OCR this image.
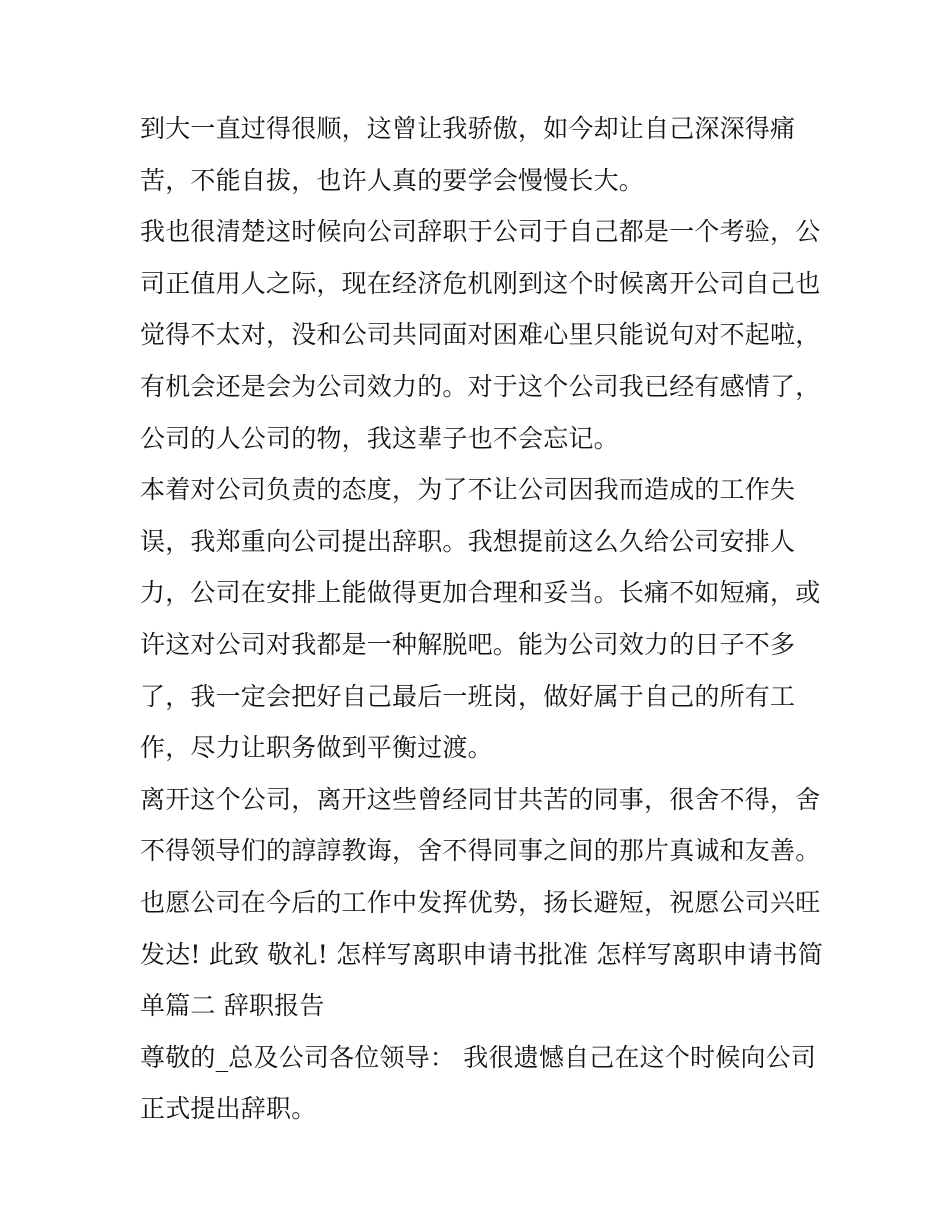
到大一直过得很顺，这曾让我骄傲，如今却让自己深深得痛
苦，不能自拔，也许人真的要学会慢慢长大。
我也很清楚这时候向公司辞职于公司于自己都是一个考验，公
司正值用人之际，现在经济危机刚到这个时候离开公司自己也
觉得不太对，没和公司共同面对困难心里只能说句对不起啦，
有机会还是会为公司效力的。对于这个公司我已经有感情了，
公司的人公司的物，我这辈子也不会忘记。
本着对公司负责的态度，为了不让公司因我而造成的工作失
误，我郑重向公司提出辞职。我想提前这么久给公司安排人
力，公司在安排上能做得更加合理和妥当。长痛不如短痛，或
许这对公司对我都是一种解脱吧。能为公司效力的日子不多
了，我一定会把好自己最后一班岗，做好属于自己的所有工
作，尽力让职务做到平衡过渡。
离开这个公司，离开这些曾经同甘共苦的同事，很舍不得，舍
不得领导们的諄諄教诲，舍不得同事之间的那片真诚和友善。
也愿公司在今后的工作中发挥优势，扬长避短，祝愿公司兴旺
发达! 此致 敬礼! 怎样写离职申请书批准 怎样写离职申请书简
单篇二 辞职报告
尊敬的_总及公司各位领导： 我很遗憾自己在这个时候向公司
正式提出辞职。
